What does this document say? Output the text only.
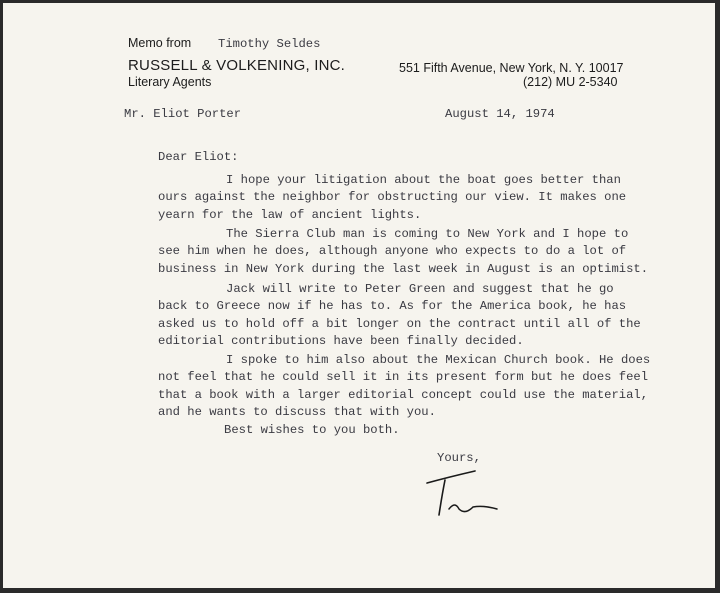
Memo from Timothy Seldes
RUSSELL & VOLKENING, INC.
Literary Agents
551 Fifth Avenue, New York, N. Y. 10017
(212) MU 2-5340
Mr. Eliot Porter	August 14, 1974
Dear Eliot:
I hope your litigation about the boat goes better than
ours against the neighbor for obstructing our view. It makes one
yearn for the law of ancient lights.
The Sierra Club man is coming to New York and I hope to
see him when he does, although anyone who expects to do a lot of
business in New York during the last week in August is an optimist.
Jack will write to Peter Green and suggest that he go
back to Greece now if he has to. As for the America book, he has
asked us to hold off a bit longer on the contract until all of the
editorial contributions have been finally decided.
I spoke to him also about the Mexican Church book. He does
not feel that he could sell it in its present form but he does feel
that a book with a larger editorial concept could use the material,
and he wants to discuss that with you.
Best wishes to you both.
Yours,
